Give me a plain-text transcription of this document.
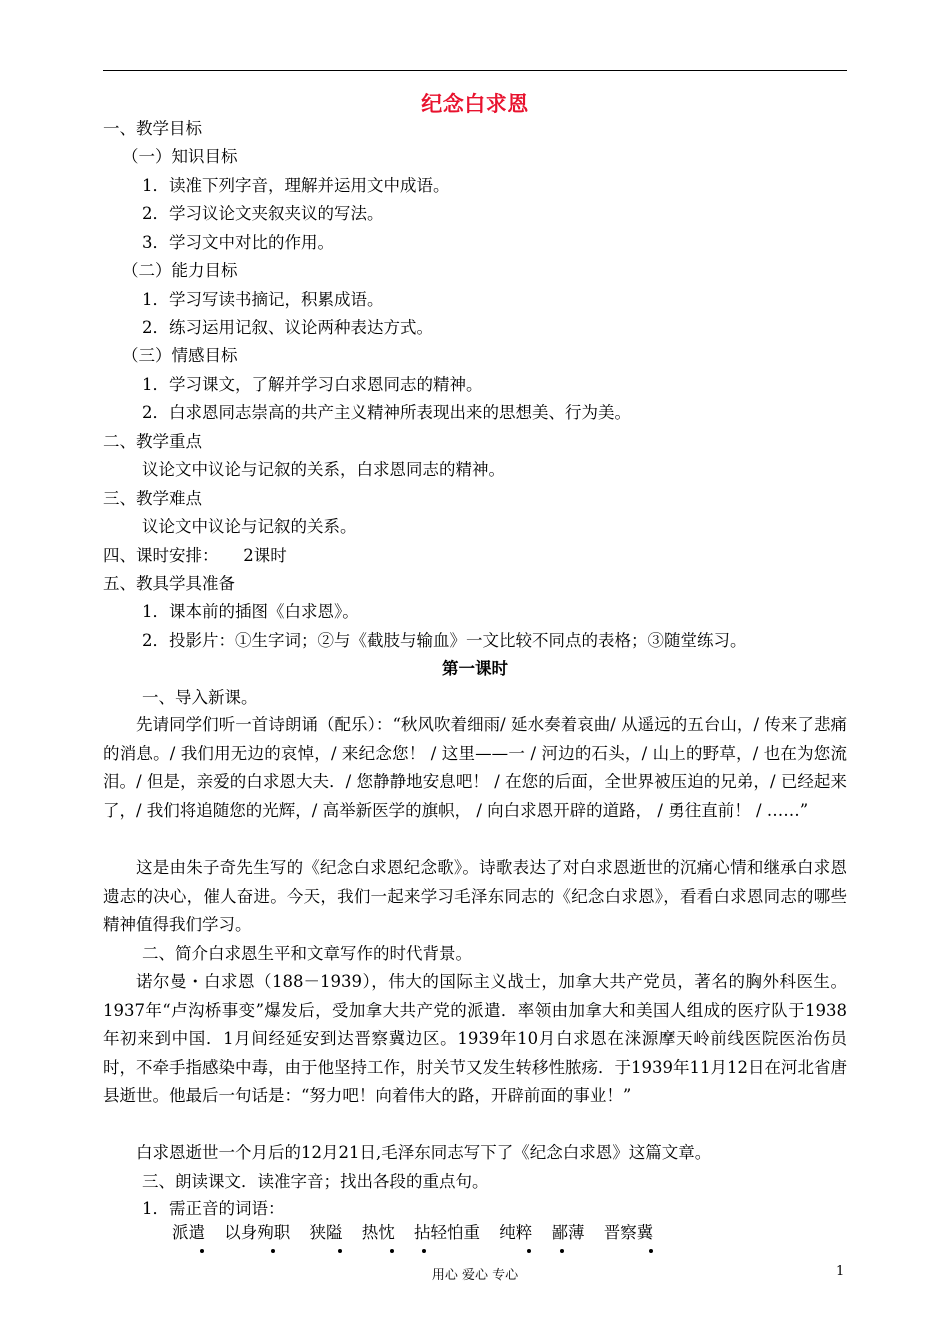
纪念白求恩
一、教学目标
（一）知识目标
1．读准下列字音，理解并运用文中成语。
2．学习议论文夹叙夹议的写法。
3．学习文中对比的作用。
（二）能力目标
1．学习写读书摘记，积累成语。
2．练习运用记叙、议论两种表达方式。
（三）情感目标
1．学习课文，了解并学习白求恩同志的精神。
2．白求恩同志崇高的共产主义精神所表现出来的思想美、行为美。
二、教学重点
议论文中议论与记叙的关系，白求恩同志的精神。
三、教学难点
议论文中议论与记叙的关系。
四、课时安排：　　2课时
五、教具学具准备
1．课本前的插图《白求恩》。
2．投影片：①生字词；②与《截肢与输血》一文比较不同点的表格；③随堂练习。
第一课时
一、导入新课。
先请同学们听一首诗朗诵（配乐）：“秋风吹着细雨/ 延水奏着哀曲/ 从遥远的五台山，/ 传来了悲痛的消息。/ 我们用无边的哀悼，/ 来纪念您！ / 这里——一 / 河边的石头，/ 山上的野草，/ 也在为您流泪。/ 但是，亲爱的白求恩大夫．/ 您静静地安息吧！ / 在您的后面，全世界被压迫的兄弟，/ 已经起来了，/ 我们将追随您的光辉，/ 高举新医学的旗帜， / 向白求恩开辟的道路， / 勇往直前！ / ……”
这是由朱子奇先生写的《纪念白求恩纪念歌》。诗歌表达了对白求恩逝世的沉痛心情和继承白求恩遗志的决心，催人奋进。今天，我们一起来学习毛泽东同志的《纪念白求恩》，看看白求恩同志的哪些精神值得我们学习。
二、简介白求恩生平和文章写作的时代背景。
诺尔曼・白求恩（188－1939），伟大的国际主义战士，加拿大共产党员，著名的胸外科医生。1937年“卢沟桥事变”爆发后，受加拿大共产党的派遣．率领由加拿大和美国人组成的医疗队于1938年初来到中国．1月间经延安到达晋察冀边区。1939年10月白求恩在涞源摩天岭前线医院医治伤员时，不牵手指感染中毒，由于他坚持工作，肘关节又发生转移性脓疡．于1939年11月12日在河北省唐县逝世。他最后一句话是：“努力吧！向着伟大的路，开辟前面的事业！”
白求恩逝世一个月后的12月21日,毛泽东同志写下了《纪念白求恩》这篇文章。
三、朗读课文．读准字音；找出各段的重点句。
1．需正音的词语：
派遣 以身殉职 狭隘 热忱 拈轻怕重 纯粹 鄙薄 晋察冀
用心 爱心 专心	1
